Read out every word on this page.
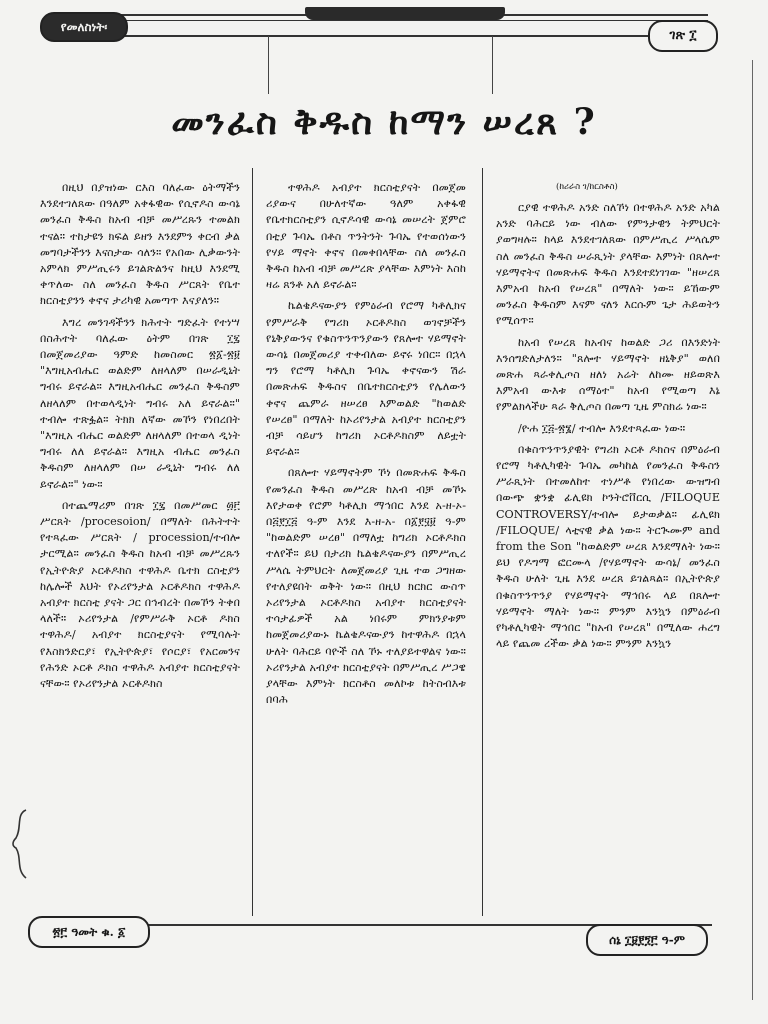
የመለስነት፡
ገጽ ፲
መንፈስ ቅዱስ ከማን ሠረጸ ?

በዚህ በያዝነው ርእስ ባለፈው ዕትማችን እንደተገለጸው በዓለም አቀፋዊው የሲኖዶስ ውሳኔ መንፈስ ቅዱስ ከአብ ብቻ መሥረጹን ተመልክ ተናል። ተከታዩን ክፍል ይዘን እንደምን ቀርብ ቃል መግባታችንን እናስታው ሳለን። የአበው ሊቃውንት አምላክ ምሥጢሩን ይገልጽልንና ከዚህ እንደሚ ቀጥለው ስለ መንፈስ ቅዱስ ሥርጸት የቤተ ክርስቲያንን ቀኖና ታሪካዊ አመጣጥ እናያለን።

እግረ መንገዳችንን ክሕተት ግድፈት የተነሣ በስሕተት ባለፈው ዕትም በገጽ ፲፯ በመጀመሪያው ዓምድ ከመስመር ፳፩-፳፱ "እግዚአብሔር ወልድም ለዘላለም በሠራዲኒት ግብሩ ይኖራል። እግዚአብሔር መንፈስ ቅዱስም ለዘላለም በተወላዲነት ግብሩ አለ ይኖራል።" ተብሎ ተጽፏል። ትክክ ለኛው መኾን የነበረበት "እግዚአ ብሔር ወልድም ለዘላለም በተወላ ዲነት ግብሩ ለለ ይኖራል። እግዚአ ብሔር መንፈስ ቅዱስም ለዘላለም በሠ ራዲኒት ግብሩ ለለ ይኖራል።" ነው።

በተጨማሪም በገጽ ፲፯ በመሥመር ፴፫ ሥርጸት /procesoion/ በማለት በሕትተት የተጻፈው ሥርጸት / procession/ተብሎ ታርሚል። መንፈስ ቅዱስ ከአብ ብቻ መሥረጹን የኢትዮጵያ ኦርቶዶክስ ተዋሕዶ ቤተክ ርስቲያን ከሌሎች እህት የኦሪየንታል ኦርቶዶክስ ተዋሕዶ አብያተ ክርስቲ ያናት ጋር በኅብረት በመኾን ትቀበ ላለች። ኦሪየንታል /የምሥራቅ ኦርቶ ዶክስ ተዋሕዶ/ አብያተ ክርስቲያናት የሚባሉት የእስክንድርያ፣ የኢትዮጵያ፣ የሶርያ፣ የአርመንና የሕንድ ኦርቶ ዶክስ ተዋሕዶ አብያተ ክርስቲያናት ናቸው። የኦሪየንታል ኦርቶዶክስ

ተዋሕዶ አብያተ ክርስቲያናት በመጀመ ሪያውና በሁለተኛው ዓለም አቀፋዊ የቤተክርስቲያን ሲኖዶሳዊ ውሳኔ መሠረት ጀምሮ በቲያ ጉባኤ በቶስ ጥንትንት ጉባኤ የተወሰነውን የሃይ ማኖት ቀኖና በመቀበላቸው ስለ መንፈስ ቅዱስ ከአብ ብቻ መሥረጽ ያላቸው እምነት እስከ ዛሬ ጸንቶ አለ ይኖራል።

ኬልቄዶናውያን የምዕራብ የሮማ ካቶሊክና የምሥራቅ የግሪክ ኦርቶዶክስ ወገኖቻችን የኒቅያውንና የቁስጥንጥንያውን የጸሎተ ሃይማኖት ውሳኔ በመጀመሪያ ተቀብለው ይኖሩ ነበር። በኋላ ግን የሮማ ካቶሊክ ጉባኤ ቀኖናውን ሽራ በመጽሐፍ ቅዱስና በቤተክርስቲያን የሌለውን ቀኖና ጨምራ ዘሠረፀ እምወልድ "ከወልድ የሠረፀ" በማለት ከኦሪየንታል አብያተ ክርስቲያን ብቻ ሳይሆን ከግሪክ ኦርቶዶክስም ለይቷት ይኖራል።

በጸሎተ ሃይማኖትም ኾነ በመጽሐፍ ቅዱስ የመንፈስ ቅዱስ መሥረጽ ከአብ ብቻ መኾኑ እየታወቀ የሮም ካቶሊክ ማኅበር እንደ አ-ዘ-ኦ-በ፭፻፲፭ ዓ-ም እንደ እ-ዘ-አ- በ፩፻፶፱ ዓ-ም "ከወልድም ሠረፀ" በማለቷ ከግሪክ ኦርቶዶክስ ተለየች። ይህ በታሪክ ኬልቄዶናውያን በምሥጢረ ሥላሴ ትምህርት ለመጀመሪያ ጊዜ ተወ ጋግዘው የተለያዩበት ወቅት ነው። በዚህ ክርክር ውስጥ ኦሪየንታል ኦርቶዶክስ አብያተ ክርስቲያናት ተሳታፊዎች አል ነበሩም ምክንያቱም ከመጀመሪያውኑ ኬልቄዶናውያን ከተዋሕዶ በኋላ ሁለት ባሕርይ ባዮች ስለ ኾኑ ተለያይተዋልና ነው። ኦሪየንታል አብያተ ክርስቲያናት በምሥጢረ ሥጋዌ ያላቸው እምነት ክርስቶስ መለኮቱ ከትስብእቱ በባሕ

(ከሪራስ ገ/ከርስቶስ)

ርያዊ ተዋሕዶ አንድ ስለኾነ በተዋሕዶ አንድ አካል አንድ ባሕርይ ነው ብለው የምንታዊን ትምህርት ያወግዛሉ። ከላይ እንደተገለጸው በምሥጢረ ሥላሴም ስለ መንፈስ ቅዱስ ሠራጺነት ያላቸው እምነት በጸሎተ ሃይማኖትና በመጽሐፍ ቅዱስ እንደተደነገገው "ዘሠረጸ እምአብ ከአብ የሠረጸ" በማለት ነው። ይኸውም መንፈስ ቅዱስም እናም ናለን እርሱም ጌታ ሕይወትን የሚሰጥ።

ከአብ የሠረጸ ከአብና ከወልድ ጋሪ በእንድነት እንሰግድለታለን። "ጸሎተ ሃይማኖት ዘኒቅያ" ወለበ መጽሐ ጻራቀሊጦስ ዘለነ አሬት ለከሙ ዘይወጽእ እምአብ ውእቱ ሰማዕተ" ከአብ የሚወጣ እኔ የምልክላችሁ ጻራ ቅሊጦስ በመጣ ጊዜ ምስክሬ ነው።

/ዮሐ ፲፭-፳፮/ ተብሎ እንደተጻፈው ነው።

በቁስጥንጥንያዊት የግሪክ ኦርቶ ዶክስና በምዕራብ የሮማ ካቶሊካዊት ጉባኤ መካከል የመንፈስ ቅዱስን ሥራጺነት በተመለከተ ተነሥቶ የነበረው ውዝግብ በውጭ ቋንቋ ፊሊዩክ ኮንትሮቨርሲ /FILOQUE CONTROVERSY/ተብሎ ይታወቃል። ፊሊዩክ /FILOQUE/ ላቲናዊ ቃል ነው። ትርጒሙም and from the Son "ከወልድም ሠረጸ እንደማለት ነው። ይህ የዶግማ ፎርሙላ /የሃይማኖት ውሳኔ/ መንፈስ ቅዱስ ሁለት ጊዜ እንደ ሠረጸ ይገልጻል። በኢትዮጵያ በቁስጥንጥንያ የሃይማኖት ማኅበሩ ላይ በጸሎተ ሃይማኖት ማለት ነው። ምንም እንኳን በምዕራብ የካቶሊካዊት ማኅበር "ከአብ የሠረጸ" በሚለው ሐረግ ላይ የጨመ ረችው ቃል ነው። ምንም እንኳን

፳፫ ዓመት ቁ. ፩
ሰኔ ፲፱፻፺፫ ዓ-ም
